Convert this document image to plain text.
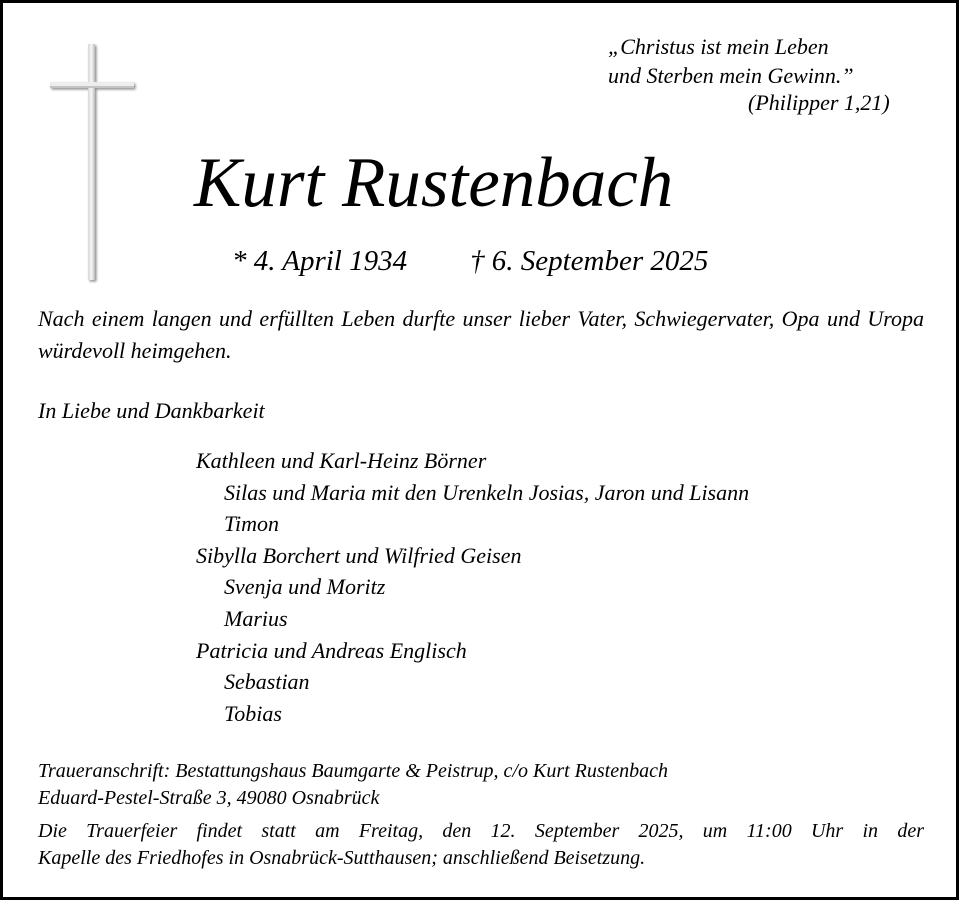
„Christus ist mein Leben
und Sterben mein Gewinn.”
(Philipper 1,21)
Kurt Rustenbach
* 4. April 1934 † 6. September 2025
Nach einem langen und erfüllten Leben durfte unser lieber Vater, Schwiegervater, Opa und Uropa würdevoll heimgehen.
In Liebe und Dankbarkeit
Kathleen und Karl-Heinz Börner
Silas und Maria mit den Urenkeln Josias, Jaron und Lisann
Timon
Sibylla Borchert und Wilfried Geisen
Svenja und Moritz
Marius
Patricia und Andreas Englisch
Sebastian
Tobias
Traueranschrift: Bestattungshaus Baumgarte & Peistrup, c/o Kurt Rustenbach
Eduard-Pestel-Straße 3, 49080 Osnabrück
Die Trauerfeier findet statt am Freitag, den 12. September 2025, um 11:00 Uhr in der
Kapelle des Friedhofes in Osnabrück-Sutthausen; anschließend Beisetzung.
